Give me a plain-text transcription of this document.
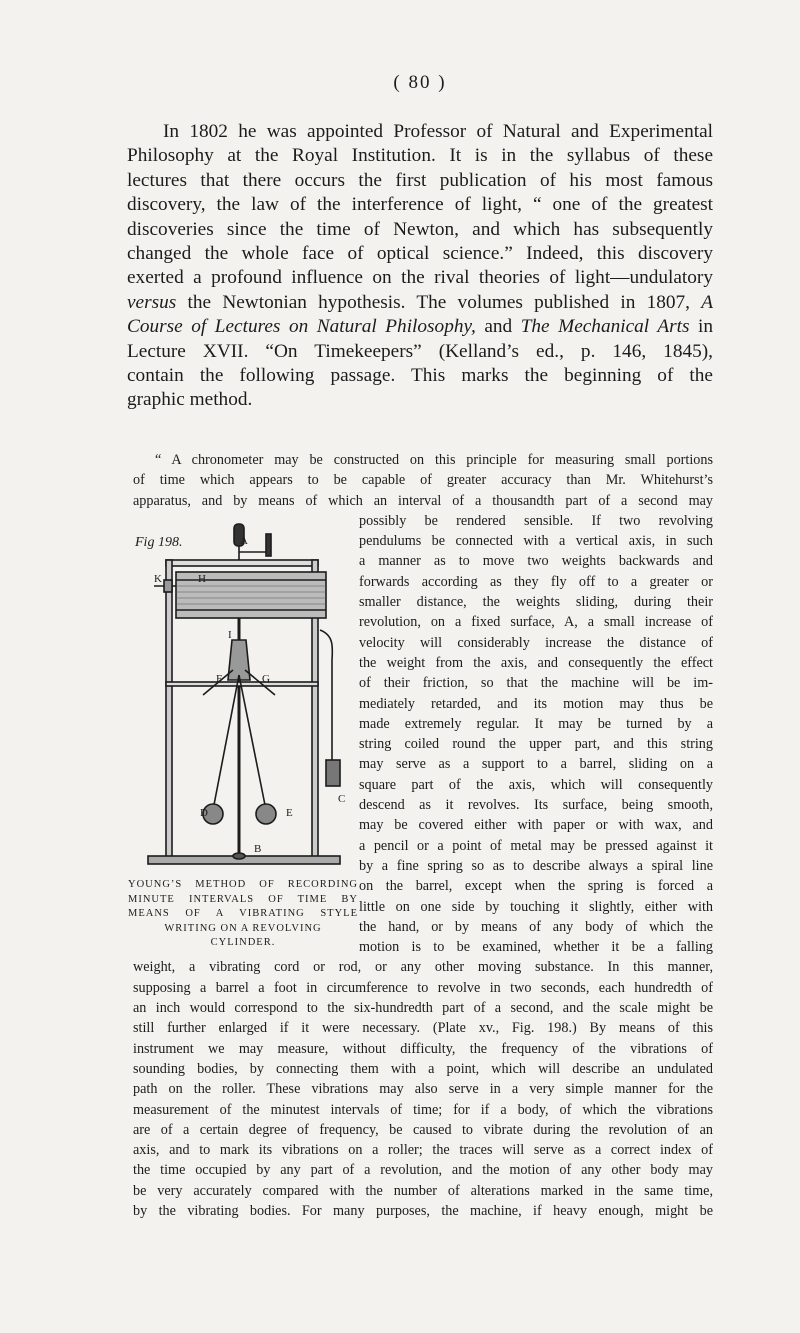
( 80 )
In 1802 he was appointed Professor of Natural and Experimental
Philosophy at the Royal Institution. It is in the syllabus of these
lectures that there occurs the first publication of his most famous
discovery, the law of the interference of light, “ one of the greatest
discoveries since the time of Newton, and which has subsequently
changed the whole face of optical science.” Indeed, this discovery
exerted a profound influence on the rival theories of light—undulatory
versus the Newtonian hypothesis. The volumes published in 1807, A
Course of Lectures on Natural Philosophy, and The Mechanical Arts in
Lecture XVII. “On Timekeepers” (Kelland’s ed., p. 146, 1845),
contain the following passage. This marks the beginning of the
graphic method.
“ A chronometer may be constructed on this principle for measuring small portions
of time which appears to be capable of greater accuracy than Mr. Whitehurst’s
apparatus, and by means of which an interval of a thousandth part of a second may
possibly be rendered sensible. If two revolving
pendulums be connected with a vertical axis, in such
a manner as to move two weights backwards and
forwards according as they fly off to a greater or
smaller distance, the weights sliding, during their
revolution, on a fixed surface, A, a small increase of
velocity will considerably increase the distance of
the weight from the axis, and consequently the effect
of their friction, so that the machine will be im-
mediately retarded, and its motion may thus be
made extremely regular. It may be turned by a
string coiled round the upper part, and this string
may serve as a support to a barrel, sliding on a
square part of the axis, which will consequently
descend as it revolves. Its surface, being smooth,
may be covered either with paper or with wax, and
a pencil or a point of metal may be pressed against it
by a fine spring so as to describe always a spiral line
on the barrel, except when the spring is forced a
little on one side by touching it slightly, either with
the hand, or by means of any body of which the
motion is to be examined, whether it be a falling
weight, a vibrating cord or rod, or any other moving substance. In this manner,
supposing a barrel a foot in circumference to revolve in two seconds, each hundredth of
an inch would correspond to the six-hundredth part of a second, and the scale might be
still further enlarged if it were necessary. (Plate xv., Fig. 198.) By means of this
instrument we may measure, without difficulty, the frequency of the vibrations of
sounding bodies, by connecting them with a point, which will describe an undulated
path on the roller. These vibrations may also serve in a very simple manner for the
measurement of the minutest intervals of time; for if a body, of which the vibrations
are of a certain degree of frequency, be caused to vibrate during the revolution of an
axis, and to mark its vibrations on a roller; the traces will serve as a correct index of
the time occupied by any part of a revolution, and the motion of any other body may
be very accurately compared with the number of alterations marked in the same time,
by the vibrating bodies. For many purposes, the machine, if heavy enough, might be
A
H
K
I
F	G
C
D	E
B
Fig 198.
YOUNG’S METHOD OF RECORDING
MINUTE INTERVALS OF TIME BY
MEANS OF A VIBRATING STYLE
WRITING ON A REVOLVING
CYLINDER.
